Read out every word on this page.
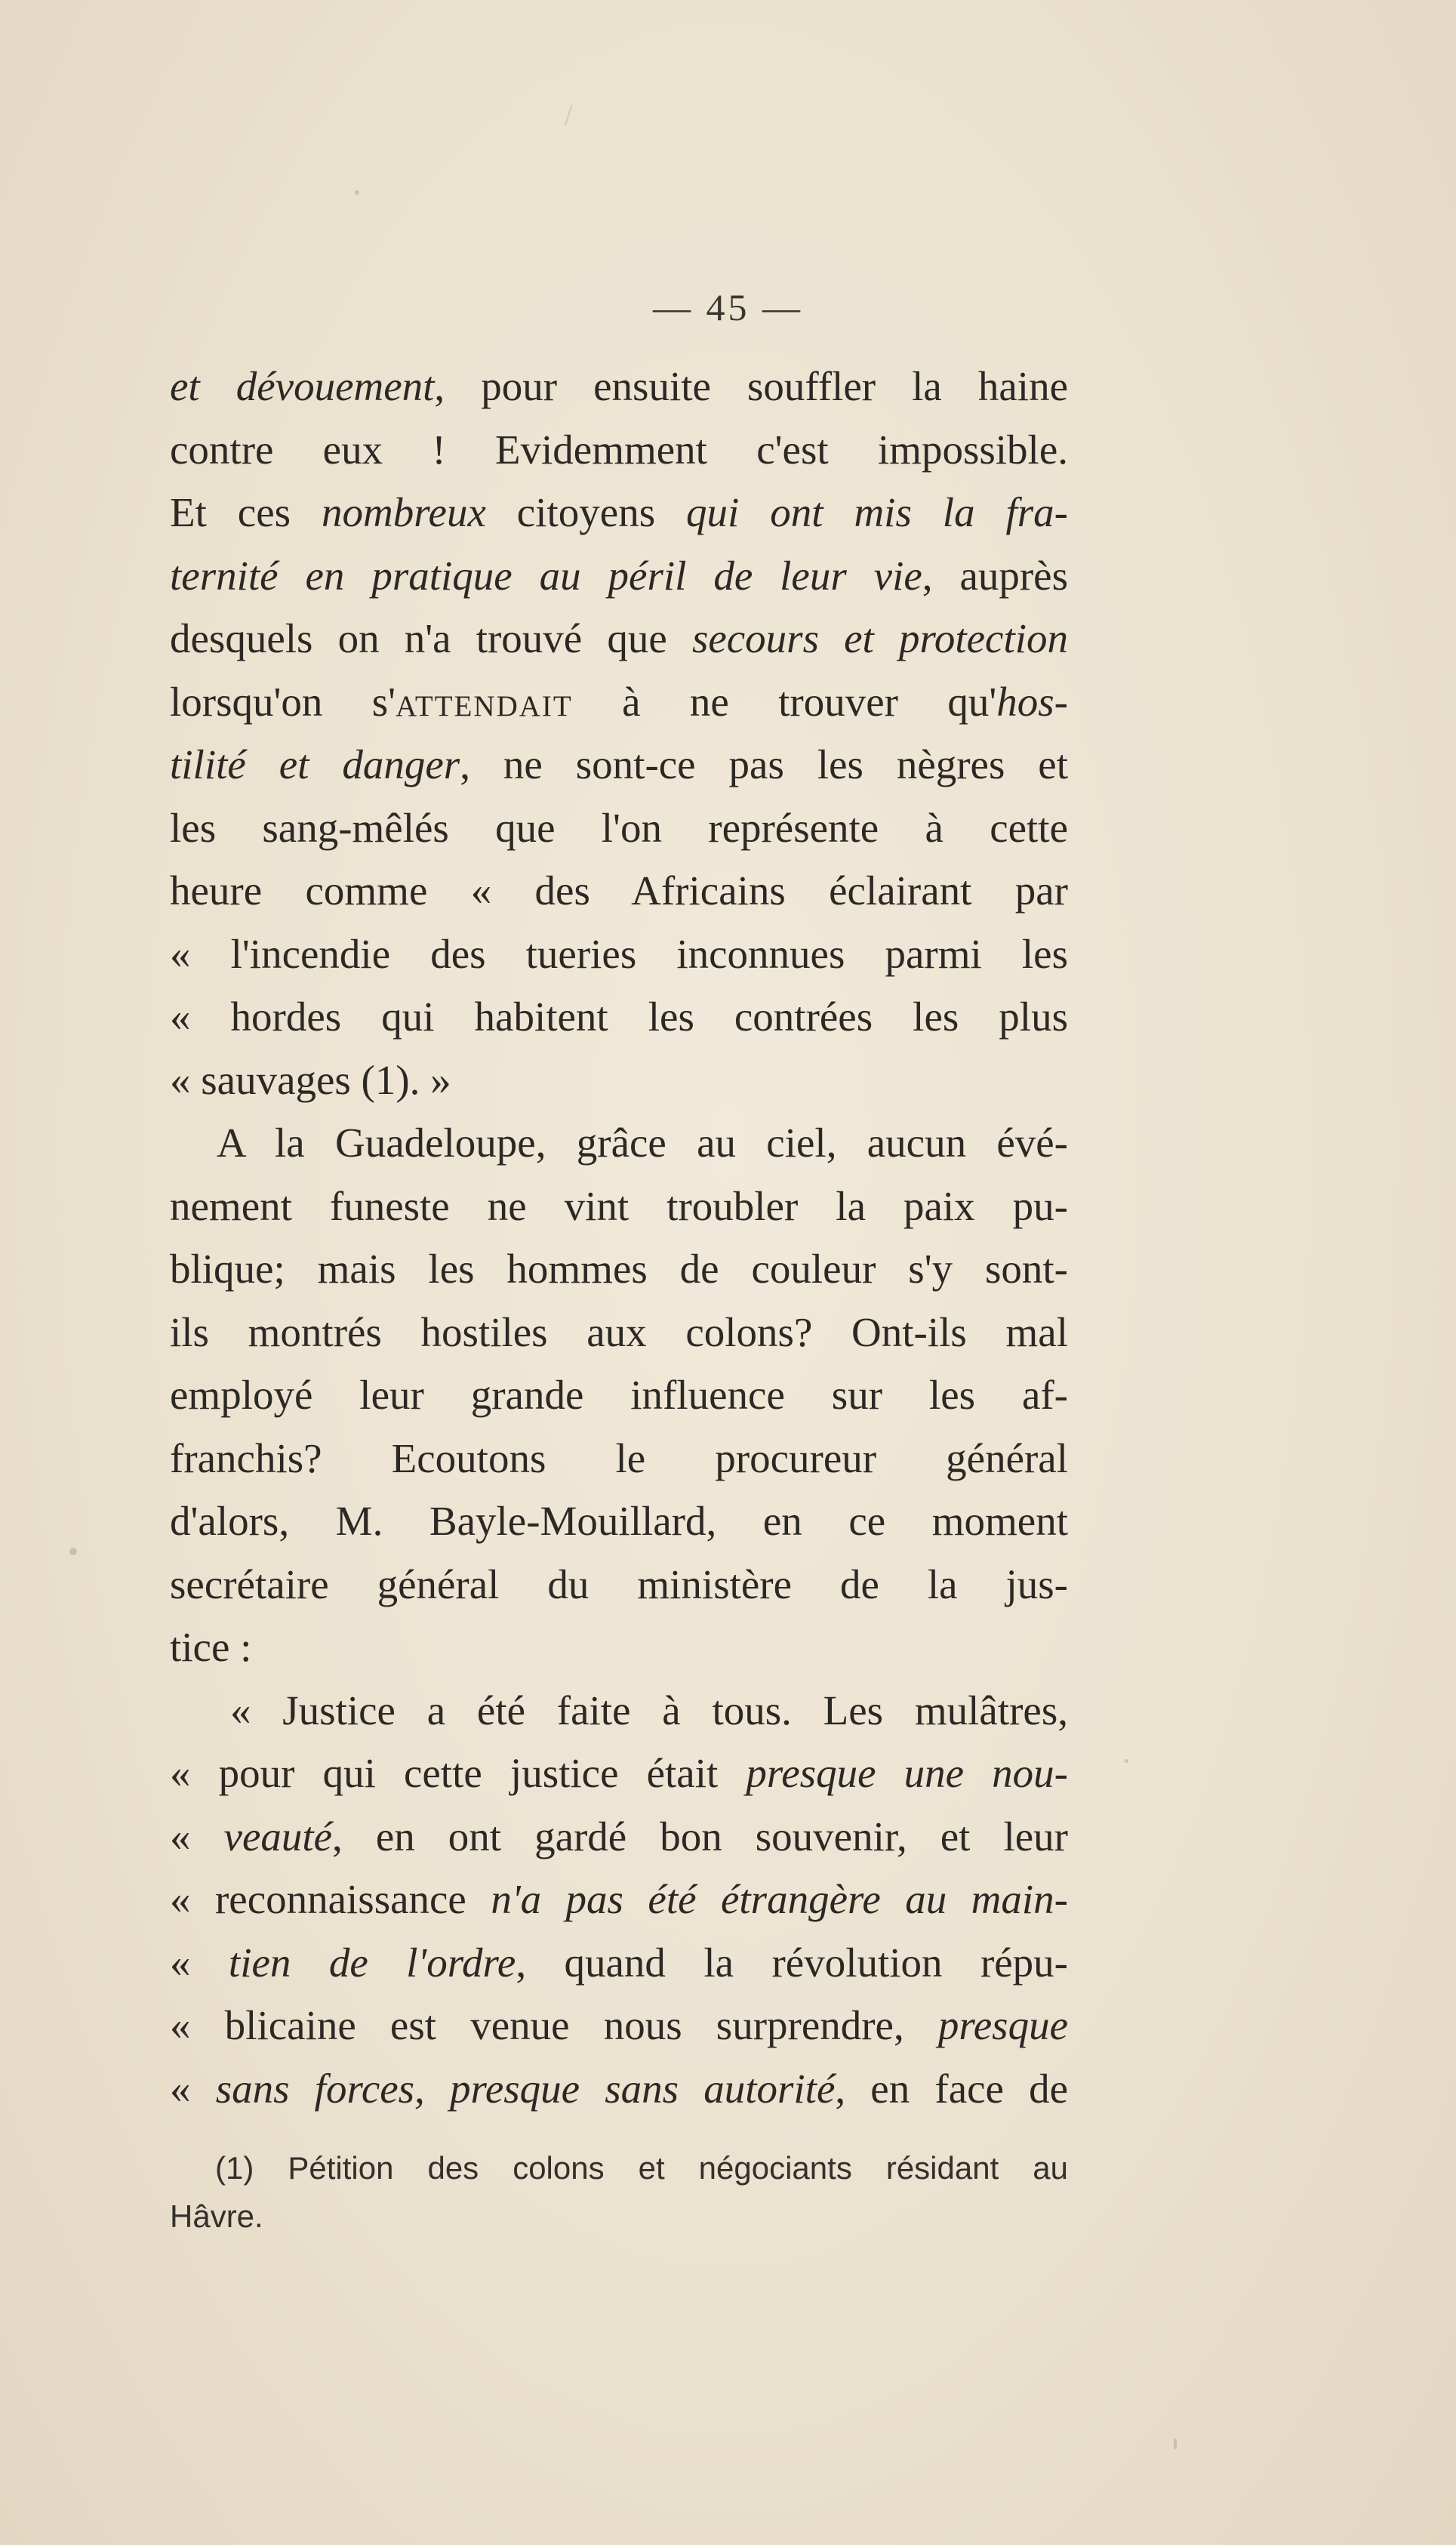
— 45 —
et dévouement, pour ensuite souffler la haine
contre eux ! Evidemment c'est impossible.
Et ces nombreux citoyens qui ont mis la fra-
ternité en pratique au péril de leur vie, auprès
desquels on n'a trouvé que secours et protection
lorsqu'on s'attendait à ne trouver qu'hos-
tilité et danger, ne sont-ce pas les nègres et
les sang-mêlés que l'on représente à cette
heure comme « des Africains éclairant par
« l'incendie des tueries inconnues parmi les
« hordes qui habitent les contrées les plus
« sauvages (1). »
A la Guadeloupe, grâce au ciel, aucun évé-
nement funeste ne vint troubler la paix pu-
blique; mais les hommes de couleur s'y sont-
ils montrés hostiles aux colons? Ont-ils mal
employé leur grande influence sur les af-
franchis? Ecoutons le procureur général
d'alors, M. Bayle-Mouillard, en ce moment
secrétaire général du ministère de la jus-
tice :
« Justice a été faite à tous. Les mulâtres,
« pour qui cette justice était presque une nou-
« veauté, en ont gardé bon souvenir, et leur
« reconnaissance n'a pas été étrangère au main-
« tien de l'ordre, quand la révolution répu-
« blicaine est venue nous surprendre, presque
« sans forces, presque sans autorité, en face de
(1) Pétition des colons et négociants résidant au
Hâvre.
